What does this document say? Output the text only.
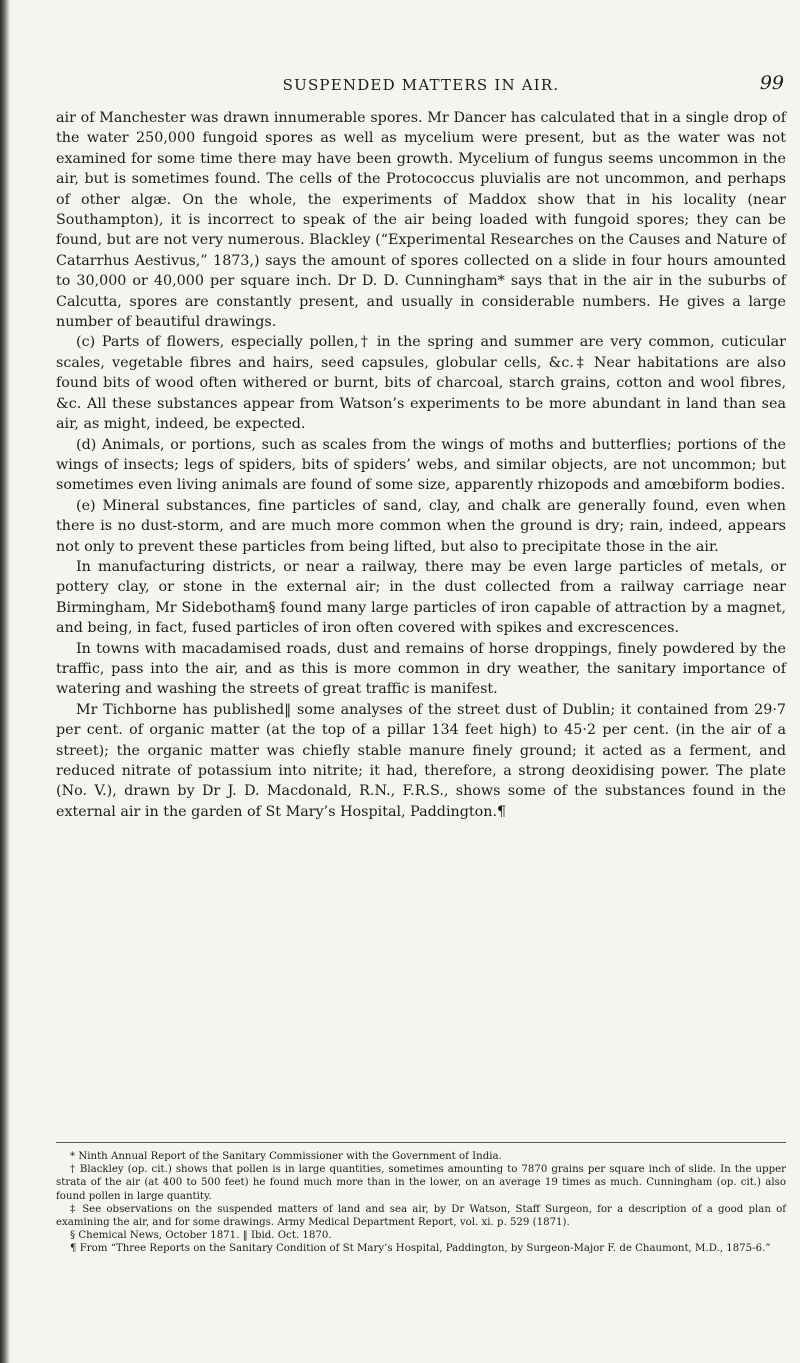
SUSPENDED MATTERS IN AIR.	99

air of Manchester was drawn innumerable spores. Mr Dancer has calculated that in a single drop of the water 250,000 fungoid spores as well as mycelium were present, but as the water was not examined for some time there may have been growth. Mycelium of fungus seems uncommon in the air, but is sometimes found. The cells of the Protococcus pluvialis are not uncommon, and perhaps of other algæ. On the whole, the experiments of Maddox show that in his locality (near Southampton), it is incorrect to speak of the air being loaded with fungoid spores; they can be found, but are not very numerous. Blackley (“Experimental Researches on the Causes and Nature of Catarrhus Aestivus,” 1873,) says the amount of spores collected on a slide in four hours amounted to 30,000 or 40,000 per square inch. Dr D. D. Cunningham* says that in the air in the suburbs of Calcutta, spores are constantly present, and usually in considerable numbers. He gives a large number of beautiful drawings.

(c) Parts of flowers, especially pollen,† in the spring and summer are very common, cuticular scales, vegetable fibres and hairs, seed capsules, globular cells, &c.‡ Near habitations are also found bits of wood often withered or burnt, bits of charcoal, starch grains, cotton and wool fibres, &c. All these substances appear from Watson’s experiments to be more abundant in land than sea air, as might, indeed, be expected.

(d) Animals, or portions, such as scales from the wings of moths and butterflies; portions of the wings of insects; legs of spiders, bits of spiders’ webs, and similar objects, are not uncommon; but sometimes even living animals are found of some size, apparently rhizopods and amœbiform bodies.

(e) Mineral substances, fine particles of sand, clay, and chalk are generally found, even when there is no dust-storm, and are much more common when the ground is dry; rain, indeed, appears not only to prevent these particles from being lifted, but also to precipitate those in the air.

In manufacturing districts, or near a railway, there may be even large particles of metals, or pottery clay, or stone in the external air; in the dust collected from a railway carriage near Birmingham, Mr Sidebotham§ found many large particles of iron capable of attraction by a magnet, and being, in fact, fused particles of iron often covered with spikes and excrescences.

In towns with macadamised roads, dust and remains of horse droppings, finely powdered by the traffic, pass into the air, and as this is more common in dry weather, the sanitary importance of watering and washing the streets of great traffic is manifest.

Mr Tichborne has published‖ some analyses of the street dust of Dublin; it contained from 29·7 per cent. of organic matter (at the top of a pillar 134 feet high) to 45·2 per cent. (in the air of a street); the organic matter was chiefly stable manure finely ground; it acted as a ferment, and reduced nitrate of potassium into nitrite; it had, therefore, a strong deoxidising power. The plate (No. V.), drawn by Dr J. D. Macdonald, R.N., F.R.S., shows some of the substances found in the external air in the garden of St Mary’s Hospital, Paddington.¶

* Ninth Annual Report of the Sanitary Commissioner with the Government of India.

† Blackley (op. cit.) shows that pollen is in large quantities, sometimes amounting to 7870 grains per square inch of slide. In the upper strata of the air (at 400 to 500 feet) he found much more than in the lower, on an average 19 times as much. Cunningham (op. cit.) also found pollen in large quantity.

‡ See observations on the suspended matters of land and sea air, by Dr Watson, Staff Surgeon, for a description of a good plan of examining the air, and for some drawings. Army Medical Department Report, vol. xi. p. 529 (1871).

§ Chemical News, October 1871. ‖ Ibid. Oct. 1870.

¶ From “Three Reports on the Sanitary Condition of St Mary’s Hospital, Paddington, by Surgeon-Major F. de Chaumont, M.D., 1875-6.”
